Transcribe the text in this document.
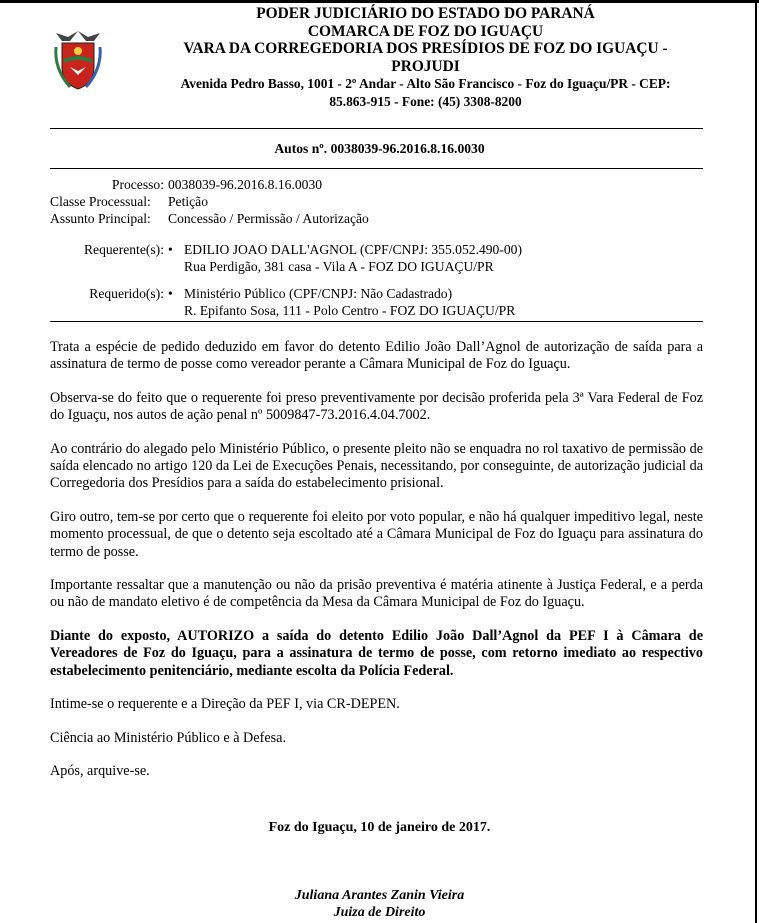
PODER JUDICIÁRIO DO ESTADO DO PARANÁ
COMARCA DE FOZ DO IGUAÇU
VARA DA CORREGEDORIA DOS PRESÍDIOS DE FOZ DO IGUAÇU -
PROJUDI
Avenida Pedro Basso, 1001 - 2º Andar - Alto São Francisco - Foz do Iguaçu/PR - CEP:
85.863-915 - Fone: (45) 3308-8200
Autos nº. 0038039-96.2016.8.16.0030
Processo: 0038039-96.2016.8.16.0030
Classe Processual:	Petição
Assunto Principal:	Concessão / Permissão / Autorização
Requerente(s): • EDILIO JOAO DALL'AGNOL (CPF/CNPJ: 355.052.490-00)
Rua Perdigão, 381 casa - Vila A - FOZ DO IGUAÇU/PR
Requerido(s): • Ministério Público (CPF/CNPJ: Não Cadastrado)
R. Epifanto Sosa, 111 - Polo Centro - FOZ DO IGUAÇU/PR

Trata a espécie de pedido deduzido em favor do detento Edilio João Dall’Agnol de autorização de saída para a assinatura de termo de posse como vereador perante a Câmara Municipal de Foz do Iguaçu.

Observa-se do feito que o requerente foi preso preventivamente por decisão proferida pela 3ª Vara Federal de Foz do Iguaçu, nos autos de ação penal nº 5009847-73.2016.4.04.7002.

Ao contrário do alegado pelo Ministério Público, o presente pleito não se enquadra no rol taxativo de permissão de saída elencado no artigo 120 da Lei de Execuções Penais, necessitando, por conseguinte, de autorização judicial da Corregedoria dos Presídios para a saída do estabelecimento prisional.

Giro outro, tem-se por certo que o requerente foi eleito por voto popular, e não há qualquer impeditivo legal, neste momento processual, de que o detento seja escoltado até a Câmara Municipal de Foz do Iguaçu para assinatura do termo de posse.

Importante ressaltar que a manutenção ou não da prisão preventiva é matéria atinente à Justiça Federal, e a perda ou não de mandato eletivo é de competência da Mesa da Câmara Municipal de Foz do Iguaçu.

Diante do exposto, AUTORIZO a saída do detento Edilio João Dall’Agnol da PEF I à Câmara de Vereadores de Foz do Iguaçu, para a assinatura de termo de posse, com retorno imediato ao respectivo estabelecimento penitenciário, mediante escolta da Polícia Federal.

Intime-se o requerente e a Direção da PEF I, via CR-DEPEN.

Ciência ao Ministério Público e à Defesa.

Após, arquive-se.

Foz do Iguaçu, 10 de janeiro de 2017.
Juliana Arantes Zanin Vieira
Juiza de Direito
